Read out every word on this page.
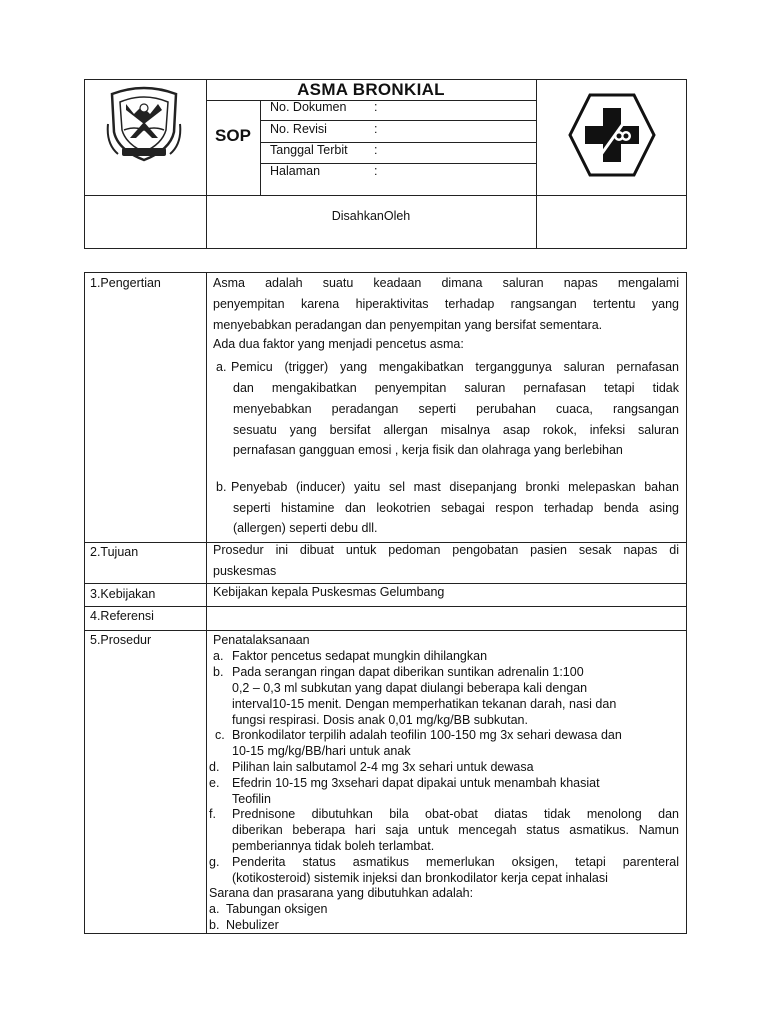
ASMA BRONKIAL
SOP
No. Dokumen :
No. Revisi	:
Tanggal Terbit :
Halaman	:
DisahkanOleh
1.Pengertian
2.Tujuan
3.Kebijakan
4.Referensi
5.Prosedur
Asma adalah suatu keadaan dimana saluran napas mengalami
penyempitan karena hiperaktivitas terhadap rangsangan tertentu yang
menyebabkan peradangan dan penyempitan yang bersifat sementara.
Ada dua faktor yang menjadi pencetus asma:
a. Pemicu (trigger) yang mengakibatkan terganggunya saluran pernafasan
dan mengakibatkan penyempitan saluran pernafasan tetapi tidak
menyebabkan peradangan seperti perubahan cuaca, rangsangan
sesuatu yang bersifat allergan misalnya asap rokok, infeksi saluran
pernafasan gangguan emosi , kerja fisik dan olahraga yang berlebihan
b. Penyebab (inducer) yaitu sel mast disepanjang bronki melepaskan bahan
seperti histamine dan leokotrien sebagai respon terhadap benda asing
(allergen) seperti debu dll.
Prosedur ini dibuat untuk pedoman pengobatan pasien sesak napas di
puskesmas
Kebijakan kepala Puskesmas Gelumbang
Penatalaksanaan
a. Faktor pencetus sedapat mungkin dihilangkan
b. Pada serangan ringan dapat diberikan suntikan adrenalin 1:100
0,2 – 0,3 ml subkutan yang dapat diulangi beberapa kali dengan
interval10-15 menit. Dengan memperhatikan tekanan darah, nasi dan
fungsi respirasi. Dosis anak 0,01 mg/kg/BB subkutan.
c. Bronkodilator terpilih adalah teofilin 100-150 mg 3x sehari dewasa dan
10-15 mg/kg/BB/hari untuk anak
d. Pilihan lain salbutamol 2-4 mg 3x sehari untuk dewasa
e. Efedrin 10-15 mg 3xsehari dapat dipakai untuk menambah khasiat
Teofilin
f. Prednisone dibutuhkan bila obat-obat diatas tidak menolong dan
diberikan beberapa hari saja untuk mencegah status asmatikus. Namun
pemberiannya tidak boleh terlambat.
g. Penderita status asmatikus memerlukan oksigen, tetapi parenteral
(kotikosteroid) sistemik injeksi dan bronkodilator kerja cepat inhalasi
Sarana dan prasarana yang dibutuhkan adalah:
a. Tabungan oksigen
b. Nebulizer
